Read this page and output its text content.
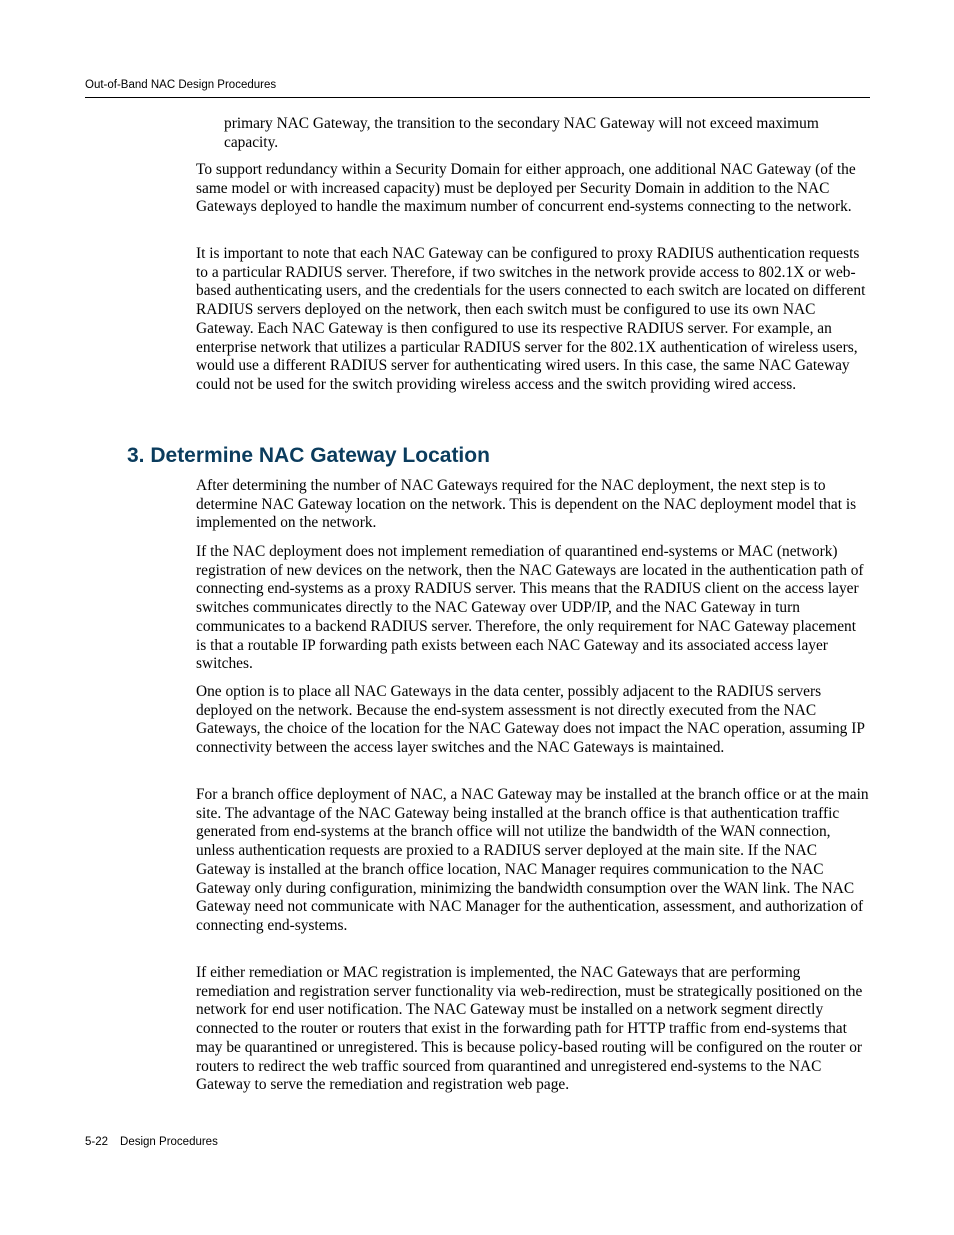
Out-of-Band NAC Design Procedures

primary NAC Gateway, the transition to the secondary NAC Gateway will not exceed maximum capacity.

To support redundancy within a Security Domain for either approach, one additional NAC Gateway (of the same model or with increased capacity) must be deployed per Security Domain in addition to the NAC Gateways deployed to handle the maximum number of concurrent end-systems connecting to the network.

It is important to note that each NAC Gateway can be configured to proxy RADIUS authentication requests to a particular RADIUS server. Therefore, if two switches in the network provide access to 802.1X or web-based authenticating users, and the credentials for the users connected to each switch are located on different RADIUS servers deployed on the network, then each switch must be configured to use its own NAC Gateway. Each NAC Gateway is then configured to use its respective RADIUS server. For example, an enterprise network that utilizes a particular RADIUS server for the 802.1X authentication of wireless users, would use a different RADIUS server for authenticating wired users. In this case, the same NAC Gateway could not be used for the switch providing wireless access and the switch providing wired access.

3. Determine NAC Gateway Location

After determining the number of NAC Gateways required for the NAC deployment, the next step is to determine NAC Gateway location on the network. This is dependent on the NAC deployment model that is implemented on the network.

If the NAC deployment does not implement remediation of quarantined end-systems or MAC (network) registration of new devices on the network, then the NAC Gateways are located in the authentication path of connecting end-systems as a proxy RADIUS server. This means that the RADIUS client on the access layer switches communicates directly to the NAC Gateway over UDP/IP, and the NAC Gateway in turn communicates to a backend RADIUS server. Therefore, the only requirement for NAC Gateway placement is that a routable IP forwarding path exists between each NAC Gateway and its associated access layer switches.

One option is to place all NAC Gateways in the data center, possibly adjacent to the RADIUS servers deployed on the network. Because the end-system assessment is not directly executed from the NAC Gateways, the choice of the location for the NAC Gateway does not impact the NAC operation, assuming IP connectivity between the access layer switches and the NAC Gateways is maintained.

For a branch office deployment of NAC, a NAC Gateway may be installed at the branch office or at the main site. The advantage of the NAC Gateway being installed at the branch office is that authentication traffic generated from end-systems at the branch office will not utilize the bandwidth of the WAN connection, unless authentication requests are proxied to a RADIUS server deployed at the main site. If the NAC Gateway is installed at the branch office location, NAC Manager requires communication to the NAC Gateway only during configuration, minimizing the bandwidth consumption over the WAN link. The NAC Gateway need not communicate with NAC Manager for the authentication, assessment, and authorization of connecting end-systems.

If either remediation or MAC registration is implemented, the NAC Gateways that are performing remediation and registration server functionality via web-redirection, must be strategically positioned on the network for end user notification. The NAC Gateway must be installed on a network segment directly connected to the router or routers that exist in the forwarding path for HTTP traffic from end-systems that may be quarantined or unregistered. This is because policy-based routing will be configured on the router or routers to redirect the web traffic sourced from quarantined and unregistered end-systems to the NAC Gateway to serve the remediation and registration web page.

5-22 Design Procedures
